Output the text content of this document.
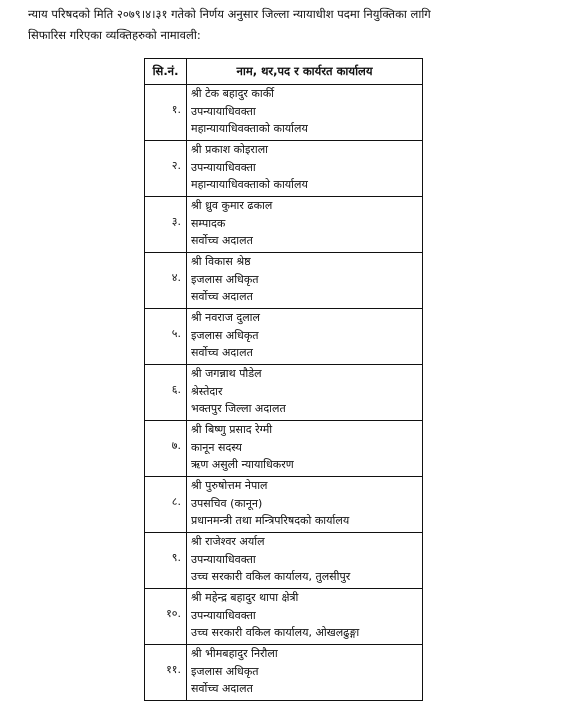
न्याय परिषदको मिति २०७९।४।३१ गतेको निर्णय अनुसार जिल्ला न्यायाधीश पदमा नियुक्तिका लागि
सिफारिस गरिएका व्यक्तिहरुको नामावली:
सि.नं.	नाम, थर,पद र कार्यरत कार्यालय

१.	श्री टेक बहादुर कार्की
उपन्यायाधिवक्ता
महान्यायाधिवक्ताको कार्यालय

२.	श्री प्रकाश कोइराला
उपन्यायाधिवक्ता
महान्यायाधिवक्ताको कार्यालय

३.	श्री ध्रुव कुमार ढकाल
सम्पादक
सर्वोच्च अदालत

४.	श्री विकास श्रेष्ठ
इजलास अधिकृत
सर्वोच्च अदालत

५.	श्री नवराज दुलाल
इजलास अधिकृत
सर्वोच्च अदालत

६.	श्री जगन्नाथ पौडेल
श्रेस्तेदार
भक्तपुर जिल्ला अदालत

७.	श्री बिष्णु प्रसाद रेग्मी
कानून सदस्य
ऋण असुली न्यायाधिकरण

८.	श्री पुरुषोत्तम नेपाल
उपसचिव (कानून)
प्रधानमन्त्री तथा मन्त्रिपरिषदको कार्यालय

९.	श्री राजेश्वर अर्याल
उपन्यायाधिवक्ता
उच्च सरकारी वकिल कार्यालय, तुलसीपुर

१०.	श्री महेन्द्र बहादुर थापा क्षेत्री
उपन्यायाधिवक्ता
उच्च सरकारी वकिल कार्यालय, ओखलढुङ्गा

११.	श्री भीमबहादुर निरौला
इजलास अधिकृत
सर्वोच्च अदालत
